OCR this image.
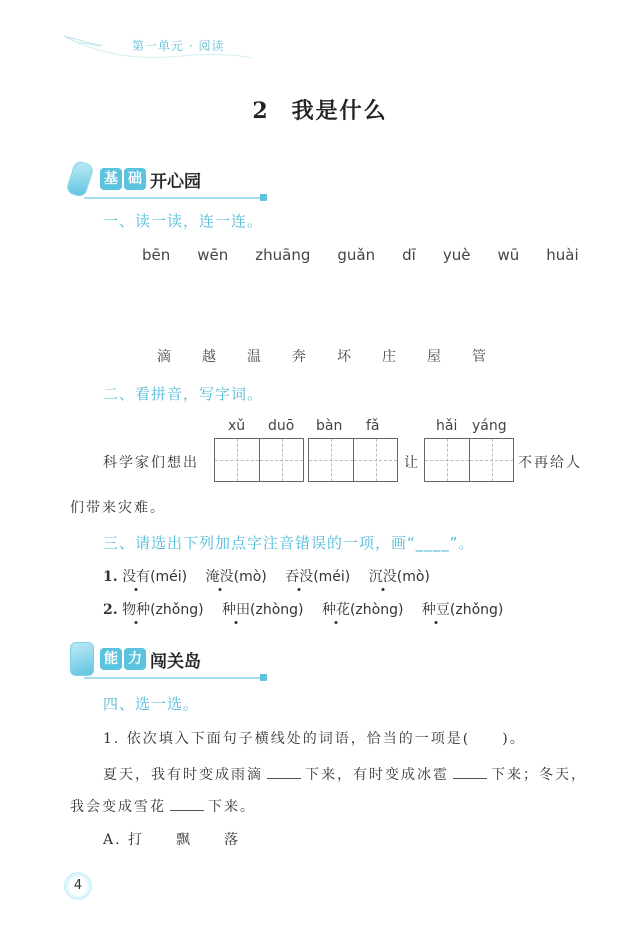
第一单元 · 阅读
2 我是什么
基 础 开心园
一、读一读，连一连。
bēn wēn zhuāng guǎn dī yuè wū huài
滴 越 温 奔 坏 庄 屋 管
二、看拼音，写字词。
xǔ duō bàn fǎ	hǎi yáng
科学家们想出	让	不再给人
们带来灾难。
三、请选出下列加点字注音错误的一项，画“____”。
1. 没有(méi) 淹没(mò) 吞没(méi) 沉没(mò)
2. 物种(zhǒng) 种田(zhòng) 种花(zhòng) 种豆(zhǒng)
能 力 闯关岛
四、选一选。
1. 依次填入下面句子横线处的词语，恰当的一项是(　　)。
夏天，我有时变成雨滴	下来，有时变成冰雹	下来；冬天，
我会变成雪花	下来。
A. 打　　飘　　落
4
